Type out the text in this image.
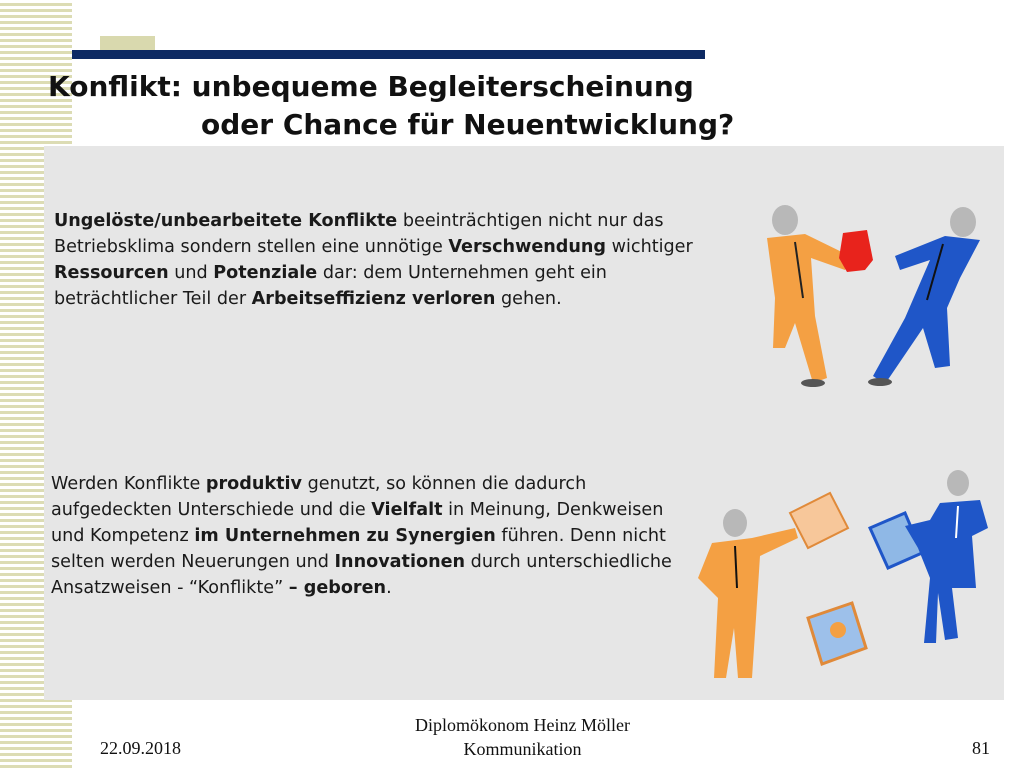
Konflikt: unbequeme Begleiterscheinung
oder Chance für Neuentwicklung?
Ungelöste/unbearbeitete Konflikte beeinträchtigen nicht nur das Betriebsklima sondern stellen eine unnötige Verschwendung wichtiger Ressourcen und Potenziale dar: dem Unternehmen geht ein beträchtlicher Teil der Arbeitseffizienz verloren gehen.
Werden Konflikte produktiv genutzt, so können die dadurch aufgedeckten Unterschiede und die Vielfalt in Meinung, Denkweisen und Kompetenz im Unternehmen zu Synergien führen. Denn nicht selten werden Neuerungen und Innovationen durch unterschiedliche Ansatzweisen - “Konflikte” – geboren.
22.09.2018
Diplomökonom Heinz Möller
Kommunikation	81
